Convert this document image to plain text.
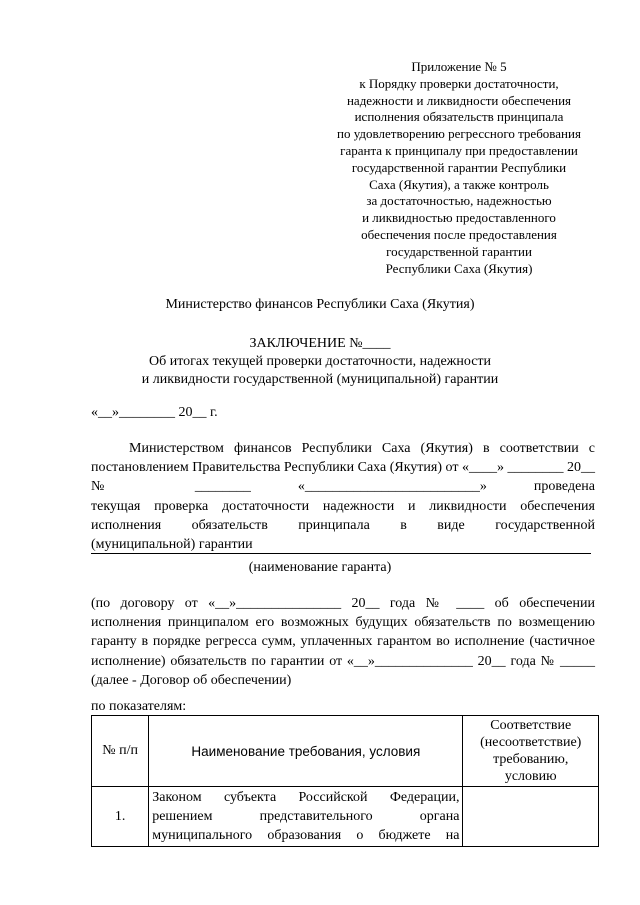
Приложение № 5
к Порядку проверки достаточности,
надежности и ликвидности обеспечения
исполнения обязательств принципала
по удовлетворению регрессного требования
гаранта к принципалу при предоставлении
государственной гарантии Республики
Саха (Якутия), а также контроль
за достаточностью, надежностью
и ликвидностью предоставленного
обеспечения после предоставления
государственной гарантии
Республики Саха (Якутия)
Министерство финансов Республики Саха (Якутия)
ЗАКЛЮЧЕНИЕ №____
Об итогах текущей проверки достаточности, надежности
и ликвидности государственной (муниципальной) гарантии
«__»________ 20__ г.
Министерством финансов Республики Саха (Якутия) в соответствии с
постановлением Правительства Республики Саха (Якутия) от «____» ________ 20__ № ________ «_________________________» проведена
текущая проверка достаточности надежности и ликвидности обеспечения
исполнения обязательств принципала в виде государственной
(муниципальной) гарантии
(наименование гаранта)
(по договору от «__»_______________ 20__ года № ____ об обеспечении исполнения принципалом его возможных будущих обязательств по возмещению гаранту в порядке регресса сумм, уплаченных гарантом во исполнение (частичное исполнение) обязательств по гарантии от «__»______________ 20__ года № _____ (далее - Договор об обеспечении)
по показателям:
№ п/п	Наименование требования, условия	Соответствие (несоответствие) требованию, условию
1.	Законом субъекта Российской Федерации, решением представительного органа муниципального образования о бюджете на	
